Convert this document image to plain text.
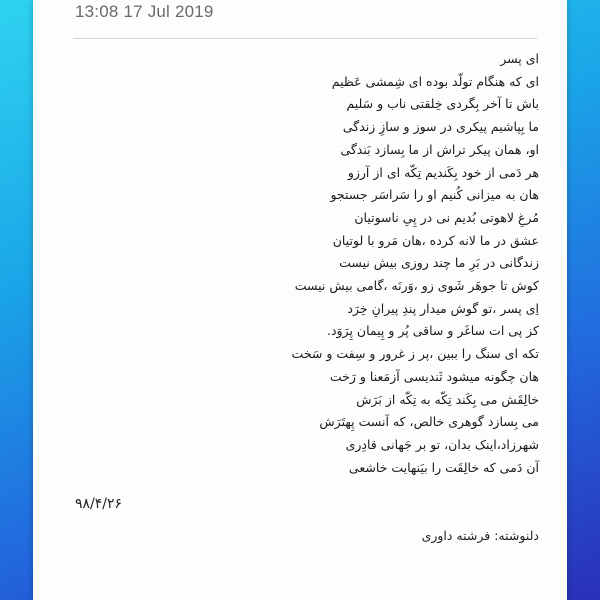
13:08 17 Jul 2019
ای پسر
ای که هنگام تولّد بوده ای شِمشی عَظیم
باش تا آخر بِگردی خِلقتی ناب و سَلیم
ما بِپاشیم پیکری در سوز و سازِ زندگی
او، همان پیکر تراش از ما بِسازد بَندگی
هر دَمی از خود بِکَندیم تِکّه ای از آرزو
هان به میزانی کُنیم او را سَراسَر جستجو
مُرغِ لاهوتی بُدیم نی در پِیِ ناسوتیان
عشق در ما لانه کرده ،هان مَرو با لوتیان
زندگانی در بَرِ ما چند روزی بیش نیست
کوش تا جوهَر شَوی زو ،وَرنَه ،گامی بیش نیست
اِی پسر ،تو گوش میدار پندِ پیرانِ خِرَد
کز پی ات ساغَر و ساقی پُر و پِیمان پِرَوَد.
تکه ای سنگ را ببین ،پر ز غرور و سِفت و سَخت
هان چگونه میشود ثَندیسی آزمَعنا و رَخت
خالِقَش می بِکَند تِکّه به تِکّه از بَرَش
می بِسازد گوهری خالص، که آنست پِهتَرَش
شهرزاد،اینک بدان، تو بر جَهانی قادِری
آن دَمی که خالِقَت را بیَنهایت خاشعی
۹۸/۴/۲۶
دلنوشته: فرشته داوری
